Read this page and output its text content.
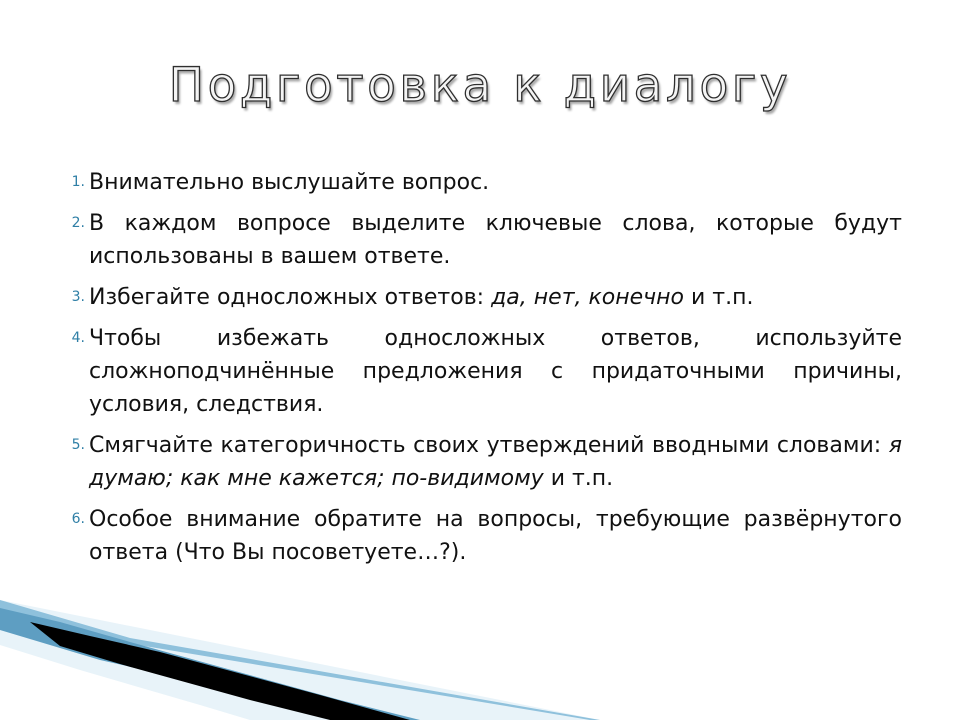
Подготовка к диалогу
1. Внимательно выслушайте вопрос.
2. В каждом вопросе выделите ключевые слова, которые будут использованы в вашем ответе.
3. Избегайте односложных ответов: да, нет, конечно и т.п.
4. Чтобы избежать односложных ответов, используйте сложноподчинённые предложения с придаточными причины, условия, следствия.
5. Смягчайте категоричность своих утверждений вводными словами: я думаю; как мне кажется; по-видимому и т.п.
6. Особое внимание обратите на вопросы, требующие развёрнутого ответа (Что Вы посоветуете…?).
